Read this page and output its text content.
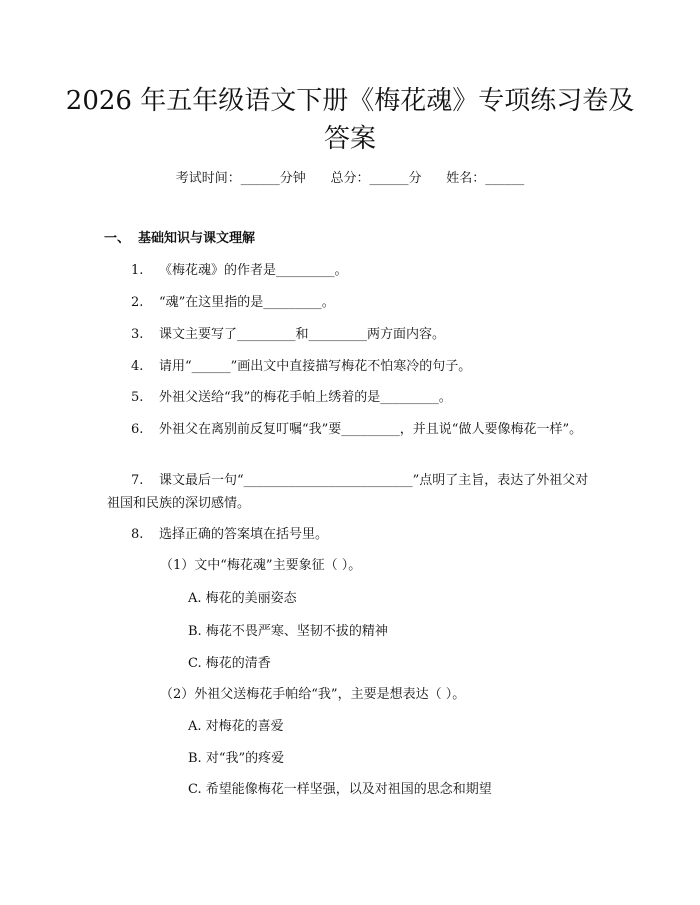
2026 年五年级语文下册《梅花魂》专项练习卷及答案
考试时间：______分钟      总分：______分      姓名：______
一、 基础知识与课文理解
1. 《梅花魂》的作者是_________。
2. “魂”在这里指的是_________。
3. 课文主要写了_________和_________两方面内容。
4. 请用“______”画出文中直接描写梅花不怕寒冷的句子。
5. 外祖父送给“我”的梅花手帕上绣着的是_________。
6. 外祖父在离别前反复叮嘱“我”要_________，并且说“做人要像梅花一样”。
7. 课文最后一句“__________________________”点明了主旨，表达了外祖父对祖国和民族的深切感情。
8. 选择正确的答案填在括号里。
（1）文中“梅花魂”主要象征（ ）。
A. 梅花的美丽姿态
B. 梅花不畏严寒、坚韧不拔的精神
C. 梅花的清香
（2）外祖父送梅花手帕给“我”，主要是想表达（ ）。
A. 对梅花的喜爱
B. 对“我”的疼爱
C. 希望能像梅花一样坚强，以及对祖国的思念和期望
